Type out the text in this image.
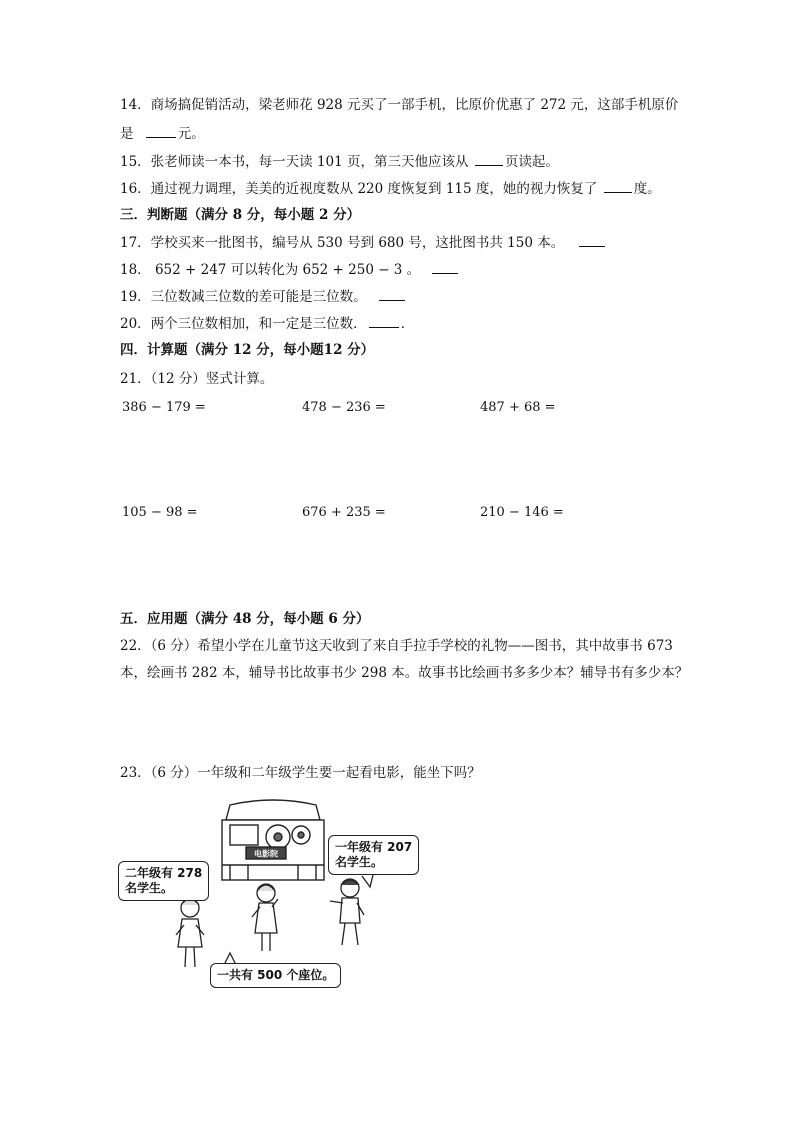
14．商场搞促销活动，梁老师花 928 元买了一部手机，比原价优惠了 272 元，这部手机原价
是	元。
15．张老师读一本书，每一天读 101 页，第三天他应该从	页读起。
16．通过视力调理，美美的近视度数从 220 度恢复到 115 度，她的视力恢复了	度。
三．判断题（满分 8 分，每小题 2 分）
17．学校买来一批图书，编号从 530 号到 680 号，这批图书共 150 本。
18． 652 + 247 可以转化为 652 + 250 − 3 。
19．三位数减三位数的差可能是三位数。
20．两个三位数相加，和一定是三位数．	．
四．计算题（满分 12 分，每小题12 分）
21．（12 分）竖式计算。
386 − 179 =	478 − 236 =	487 + 68 =
105 − 98 =	676 + 235 =	210 − 146 =
五．应用题（满分 48 分，每小题 6 分）
22．（6 分）希望小学在儿童节这天收到了来自手拉手学校的礼物——图书，其中故事书 673
本，绘画书 282 本，辅导书比故事书少 298 本。故事书比绘画书多多少本？辅导书有多少本？
23．（6 分）一年级和二年级学生要一起看电影，能坐下吗？
电影院
二年级有 278
名学生。
一年级有 207
名学生。
一共有 500 个座位。
